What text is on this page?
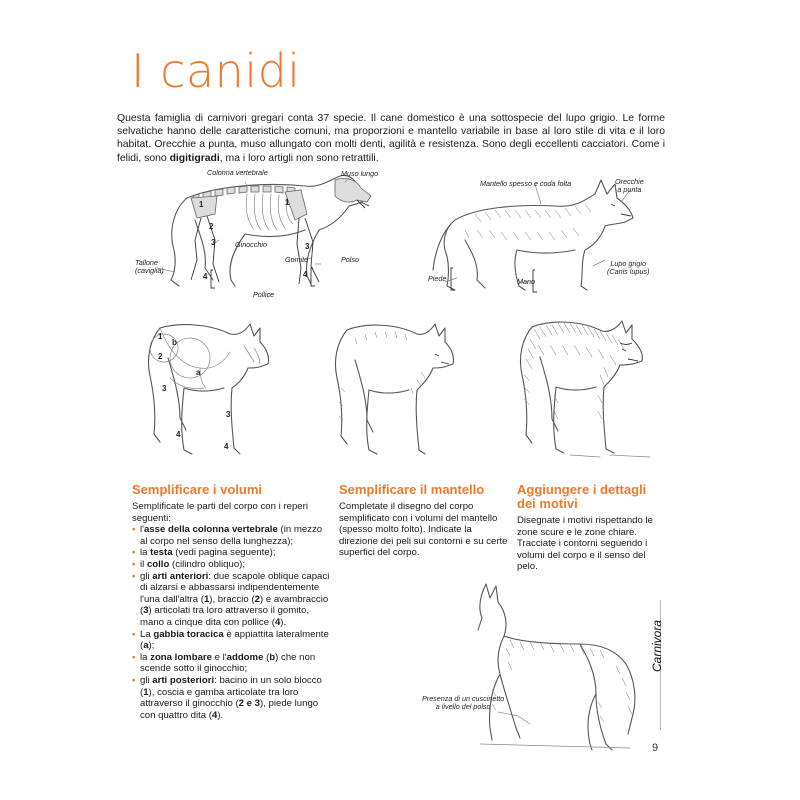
I canidi

Questa famiglia di carnivori gregari conta 37 specie. Il cane domestico è una sottospecie del lupo grigio. Le forme selvatiche hanno delle caratteristiche comuni, ma proporzioni e mantello variabile in base al loro stile di vita e il loro habitat. Orecchie a punta, muso allungato con molti denti, agilità e resistenza. Sono degli eccellenti cacciatori. Come i felidi, sono digitigradi, ma i loro artigli non sono retrattili.

Colonna vertebrale	Muso lungo
Ginocchio
Gomito	Polso
Tallone
(caviglia)
Pollice
1
2
3
4
1
3
4
Mantello spesso e coda folta	Orecchie
a punta
Lupo grigio
(Canis lupus)
Piede	Mano
1
b
2
a
3
3
4
4
Semplificare i volumi
Semplificate le parti del corpo con i reperi seguenti:
• l'asse della colonna vertebrale (in mezzo al corpo nel senso della lunghezza);
• la testa (vedi pagina seguente);
• il collo (cilindro obliquo);
• gli arti anteriori: due scapole oblique capaci di alzarsi e abbassarsi indipendentemente l'una dall'altra (1), braccio (2) e avambraccio (3) articolati tra loro attraverso il gomito, mano a cinque dita con pollice (4).
• La gabbia toracica è appiattita lateralmente (a);
• la zona lombare e l'addome (b) che non scende sotto il ginocchio;
• gli arti posteriori: bacino in un solo blocco (1), coscia e gamba articolate tra loro attraverso il ginocchio (2 e 3), piede lungo con quattro dita (4).
Semplificare il mantello
Completate il disegno del corpo semplificato con i volumi del mantello (spesso molto folto). Indicate la direzione dei peli sui contorni e su certe superfici del corpo.
Aggiungere i dettagli dei motivi
Disegnate i motivi rispettando le zone scure e le zone chiare. Tracciate i contorni seguendo i volumi del corpo e il senso del pelo.
Presenza di un cuscinetto
a livello del polso
Carnivora
9
